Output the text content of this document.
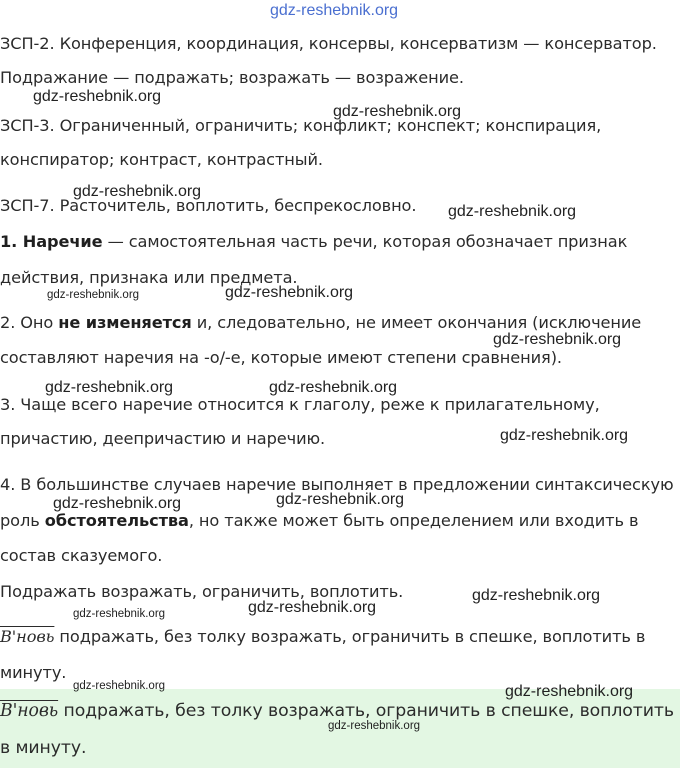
gdz-reshebnik.org
ЗСП-2. Конференция, координация, консервы, консерватизм — консерватор.
Подражание — подражать; возражать — возражение.
ЗСП-3. Ограниченный, ограничить; конфликт; конспект; конспирация,
конспиратор; контраст, контрастный.
ЗСП-7. Расточитель, воплотить, беспрекословно.
1. Наречие — самостоятельная часть речи, которая обозначает признак
действия, признака или предмета.
2. Оно не изменяется и, следовательно, не имеет окончания (исключение
составляют наречия на -о/-е, которые имеют степени сравнения).
3. Чаще всего наречие относится к глаголу, реже к прилагательному,
причастию, деепричастию и наречию.
4. В большинстве случаев наречие выполняет в предложении синтаксическую
роль обстоятельства, но также может быть определением или входить в
состав сказуемого.
Подражать возражать, ограничить, воплотить.
B'новь подражать, без толку возражать, ограничить в спешке, воплотить в
минуту.
B'новь подражать, без толку возражать, ограничить в спешке, воплотить
в минуту.
gdz-reshebnik.org
gdz-reshebnik.org
gdz-reshebnik.org
gdz-reshebnik.org
gdz-reshebnik.org	gdz-reshebnik.org
gdz-reshebnik.org
gdz-reshebnik.org	gdz-reshebnik.org
gdz-reshebnik.org
gdz-reshebnik.org	gdz-reshebnik.org
gdz-reshebnik.org
gdz-reshebnik.org	gdz-reshebnik.org
gdz-reshebnik.org	gdz-reshebnik.org
gdz-reshebnik.org
